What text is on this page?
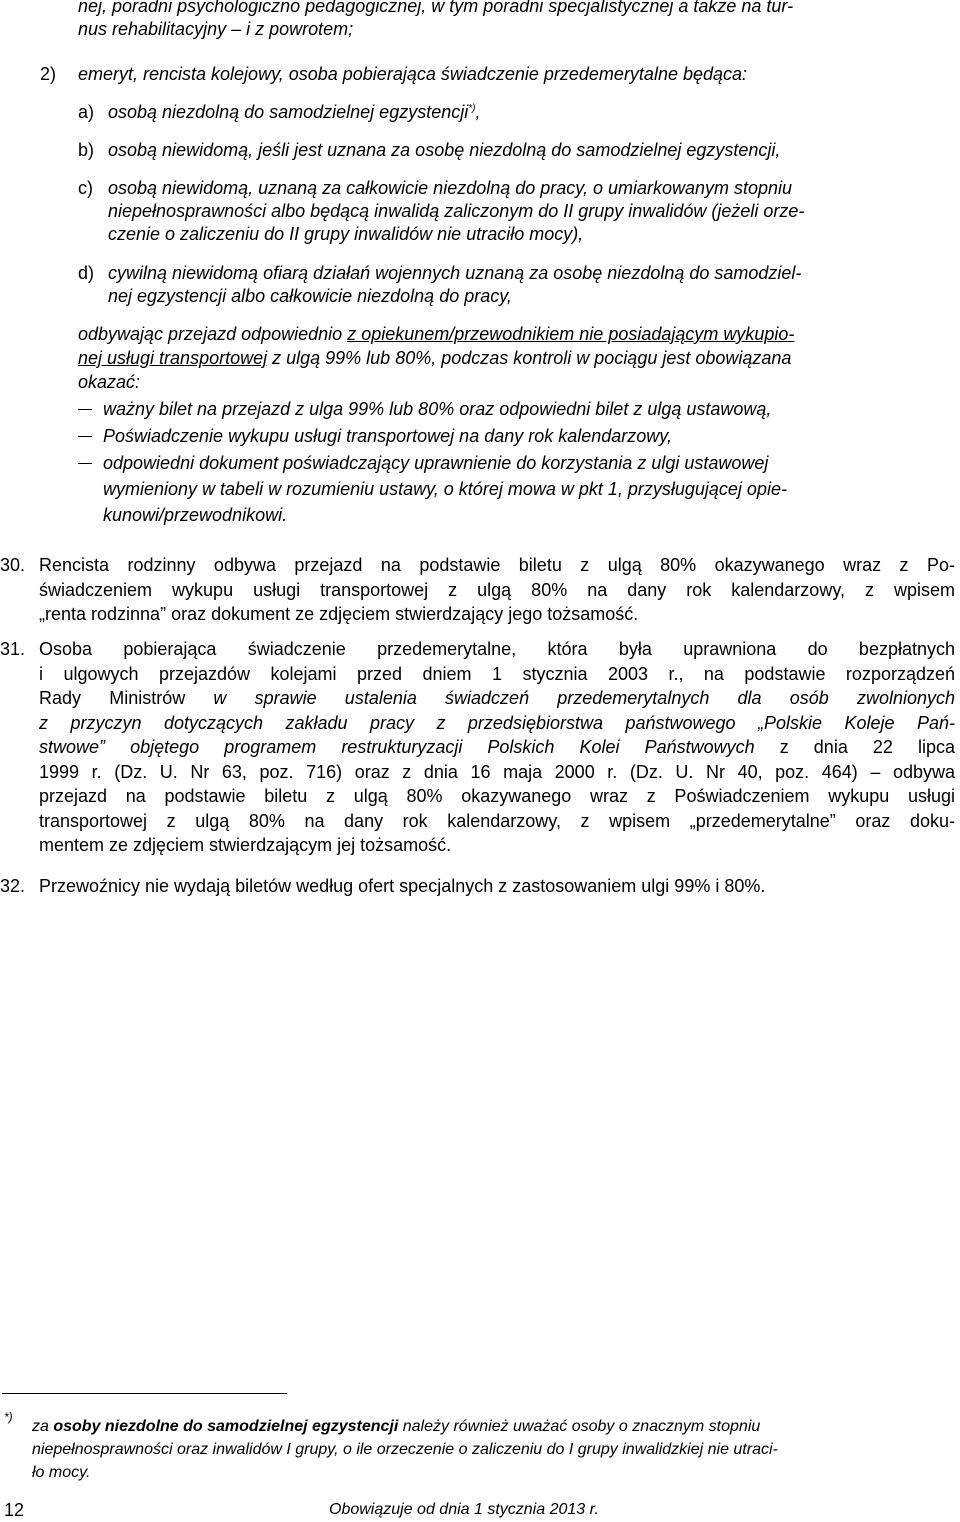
nej, poradni psychologiczno pedagogicznej, w tym poradni specjalistycznej a także na tur-
nus rehabilitacyjny – i z powrotem;
2) emeryt, rencista kolejowy, osoba pobierająca świadczenie przedemerytalne będąca:
a) osobą niezdolną do samodzielnej egzystencji*),
b) osobą niewidomą, jeśli jest uznana za osobę niezdolną do samodzielnej egzystencji,
c) osobą niewidomą, uznaną za całkowicie niezdolną do pracy, o umiarkowanym stopniu
niepełnosprawności albo będącą inwalidą zaliczonym do II grupy inwalidów (jeżeli orze-
czenie o zaliczeniu do II grupy inwalidów nie utraciło mocy),
d) cywilną niewidomą ofiarą działań wojennych uznaną za osobę niezdolną do samodziel-
nej egzystencji albo całkowicie niezdolną do pracy,
odbywając przejazd odpowiednio z opiekunem/przewodnikiem nie posiadającym wykupio-
nej usługi transportowej z ulgą 99% lub 80%, podczas kontroli w pociągu jest obowiązana
okazać:
ważny bilet na przejazd z ulga 99% lub 80% oraz odpowiedni bilet z ulgą ustawową,
Poświadczenie wykupu usługi transportowej na dany rok kalendarzowy,
odpowiedni dokument poświadczający uprawnienie do korzystania z ulgi ustawowej
wymieniony w tabeli w rozumieniu ustawy, o której mowa w pkt 1, przysługującej opie-
kunowi/przewodnikowi.
30. Rencista rodzinny odbywa przejazd na podstawie biletu z ulgą 80% okazywanego wraz z Po-
świadczeniem wykupu usługi transportowej z ulgą 80% na dany rok kalendarzowy, z wpisem
„renta rodzinna” oraz dokument ze zdjęciem stwierdzający jego tożsamość.
31. Osoba pobierająca świadczenie przedemerytalne, która była uprawniona do bezpłatnych
i ulgowych przejazdów kolejami przed dniem 1 stycznia 2003 r., na podstawie rozporządzeń
Rady Ministrów w sprawie ustalenia świadczeń przedemerytalnych dla osób zwolnionych
z przyczyn dotyczących zakładu pracy z przedsiębiorstwa państwowego „Polskie Koleje Pań-
stwowe” objętego programem restrukturyzacji Polskich Kolei Państwowych z dnia 22 lipca
1999 r. (Dz. U. Nr 63, poz. 716) oraz z dnia 16 maja 2000 r. (Dz. U. Nr 40, poz. 464) – odbywa
przejazd na podstawie biletu z ulgą 80% okazywanego wraz z Poświadczeniem wykupu usługi
transportowej z ulgą 80% na dany rok kalendarzowy, z wpisem „przedemerytalne” oraz doku-
mentem ze zdjęciem stwierdzającym jej tożsamość.
32. Przewoźnicy nie wydają biletów według ofert specjalnych z zastosowaniem ulgi 99% i 80%.
*)
za osoby niezdolne do samodzielnej egzystencji należy również uważać osoby o znacznym stopniu
niepełnosprawności oraz inwalidów I grupy, o ile orzeczenie o zaliczeniu do I grupy inwalidzkiej nie utraci-
ło mocy.
12	Obowiązuje od dnia 1 stycznia 2013 r.
